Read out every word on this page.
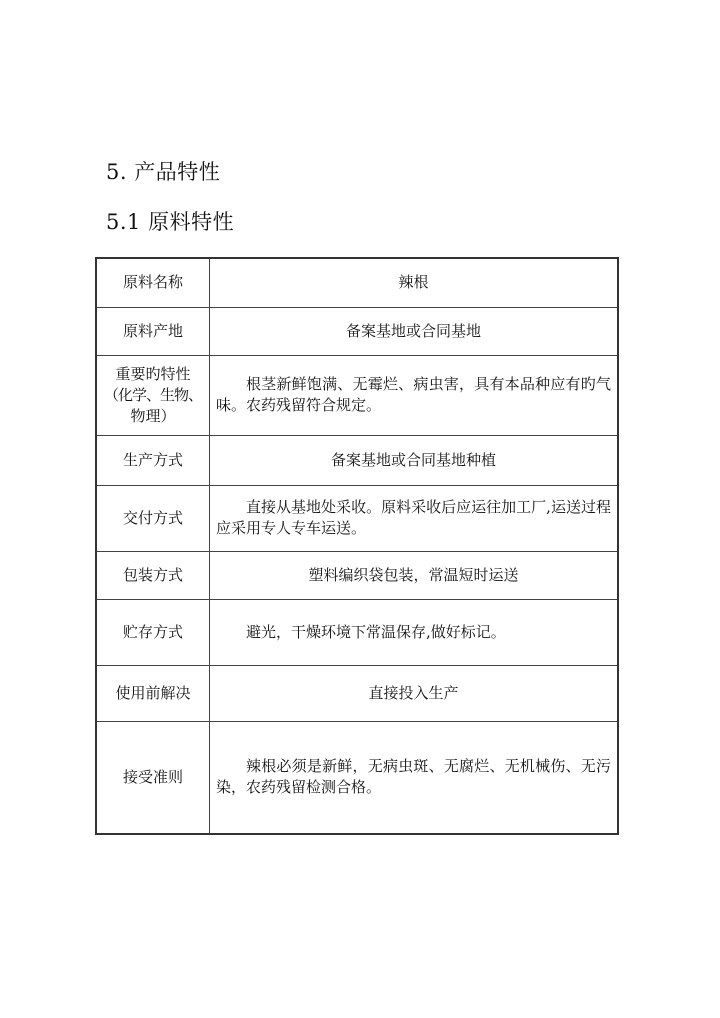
5. 产品特性
5.1 原料特性
原料名称	辣根
原料产地	备案基地或合同基地

重要旳特性
（化学、生物、
物理）	根茎新鲜饱满、无霉烂、病虫害，具有本品种应有旳气味。农药残留符合规定。

生产方式	备案基地或合同基地种植
交付方式	直接从基地处采收。原料采收后应运往加工厂,运送过程应采用专人专车运送。

包装方式	塑料编织袋包装，常温短时运送
贮存方式	避光，干燥环境下常温保存,做好标记。

使用前解决	直接投入生产
接受准则	辣根必须是新鲜，无病虫斑、无腐烂、无机械伤、无污染，农药残留检测合格。
